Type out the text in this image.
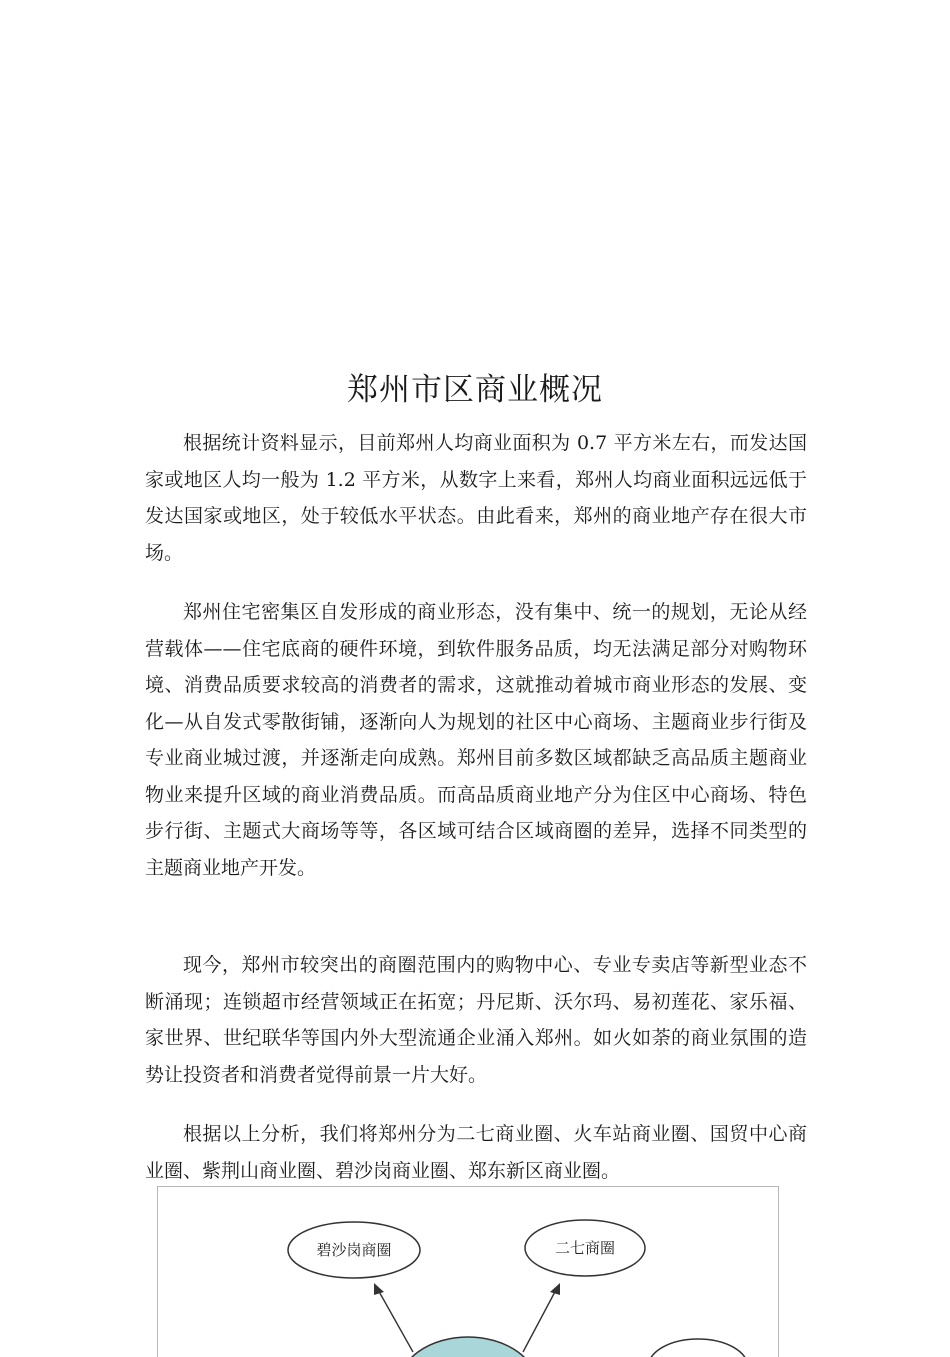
郑州市区商业概况

根据统计资料显示，目前郑州人均商业面积为 0.7 平方米左右，而发达国家或地区人均一般为 1.2 平方米，从数字上来看，郑州人均商业面积远远低于发达国家或地区，处于较低水平状态。由此看来，郑州的商业地产存在很大市场。

郑州住宅密集区自发形成的商业形态，没有集中、统一的规划，无论从经营载体——住宅底商的硬件环境，到软件服务品质，均无法满足部分对购物环境、消费品质要求较高的消费者的需求，这就推动着城市商业形态的发展、变化—从自发式零散街铺，逐渐向人为规划的社区中心商场、主题商业步行街及专业商业城过渡，并逐渐走向成熟。郑州目前多数区域都缺乏高品质主题商业物业来提升区域的商业消费品质。而高品质商业地产分为住区中心商场、特色步行街、主题式大商场等等，各区域可结合区域商圈的差异，选择不同类型的主题商业地产开发。

现今，郑州市较突出的商圈范围内的购物中心、专业专卖店等新型业态不断涌现；连锁超市经营领域正在拓宽；丹尼斯、沃尔玛、易初莲花、家乐福、家世界、世纪联华等国内外大型流通企业涌入郑州。如火如荼的商业氛围的造势让投资者和消费者觉得前景一片大好。

根据以上分析，我们将郑州分为二七商业圈、火车站商业圈、国贸中心商业圈、紫荆山商业圈、碧沙岗商业圈、郑东新区商业圈。

碧沙岗商圈	二七商圈
